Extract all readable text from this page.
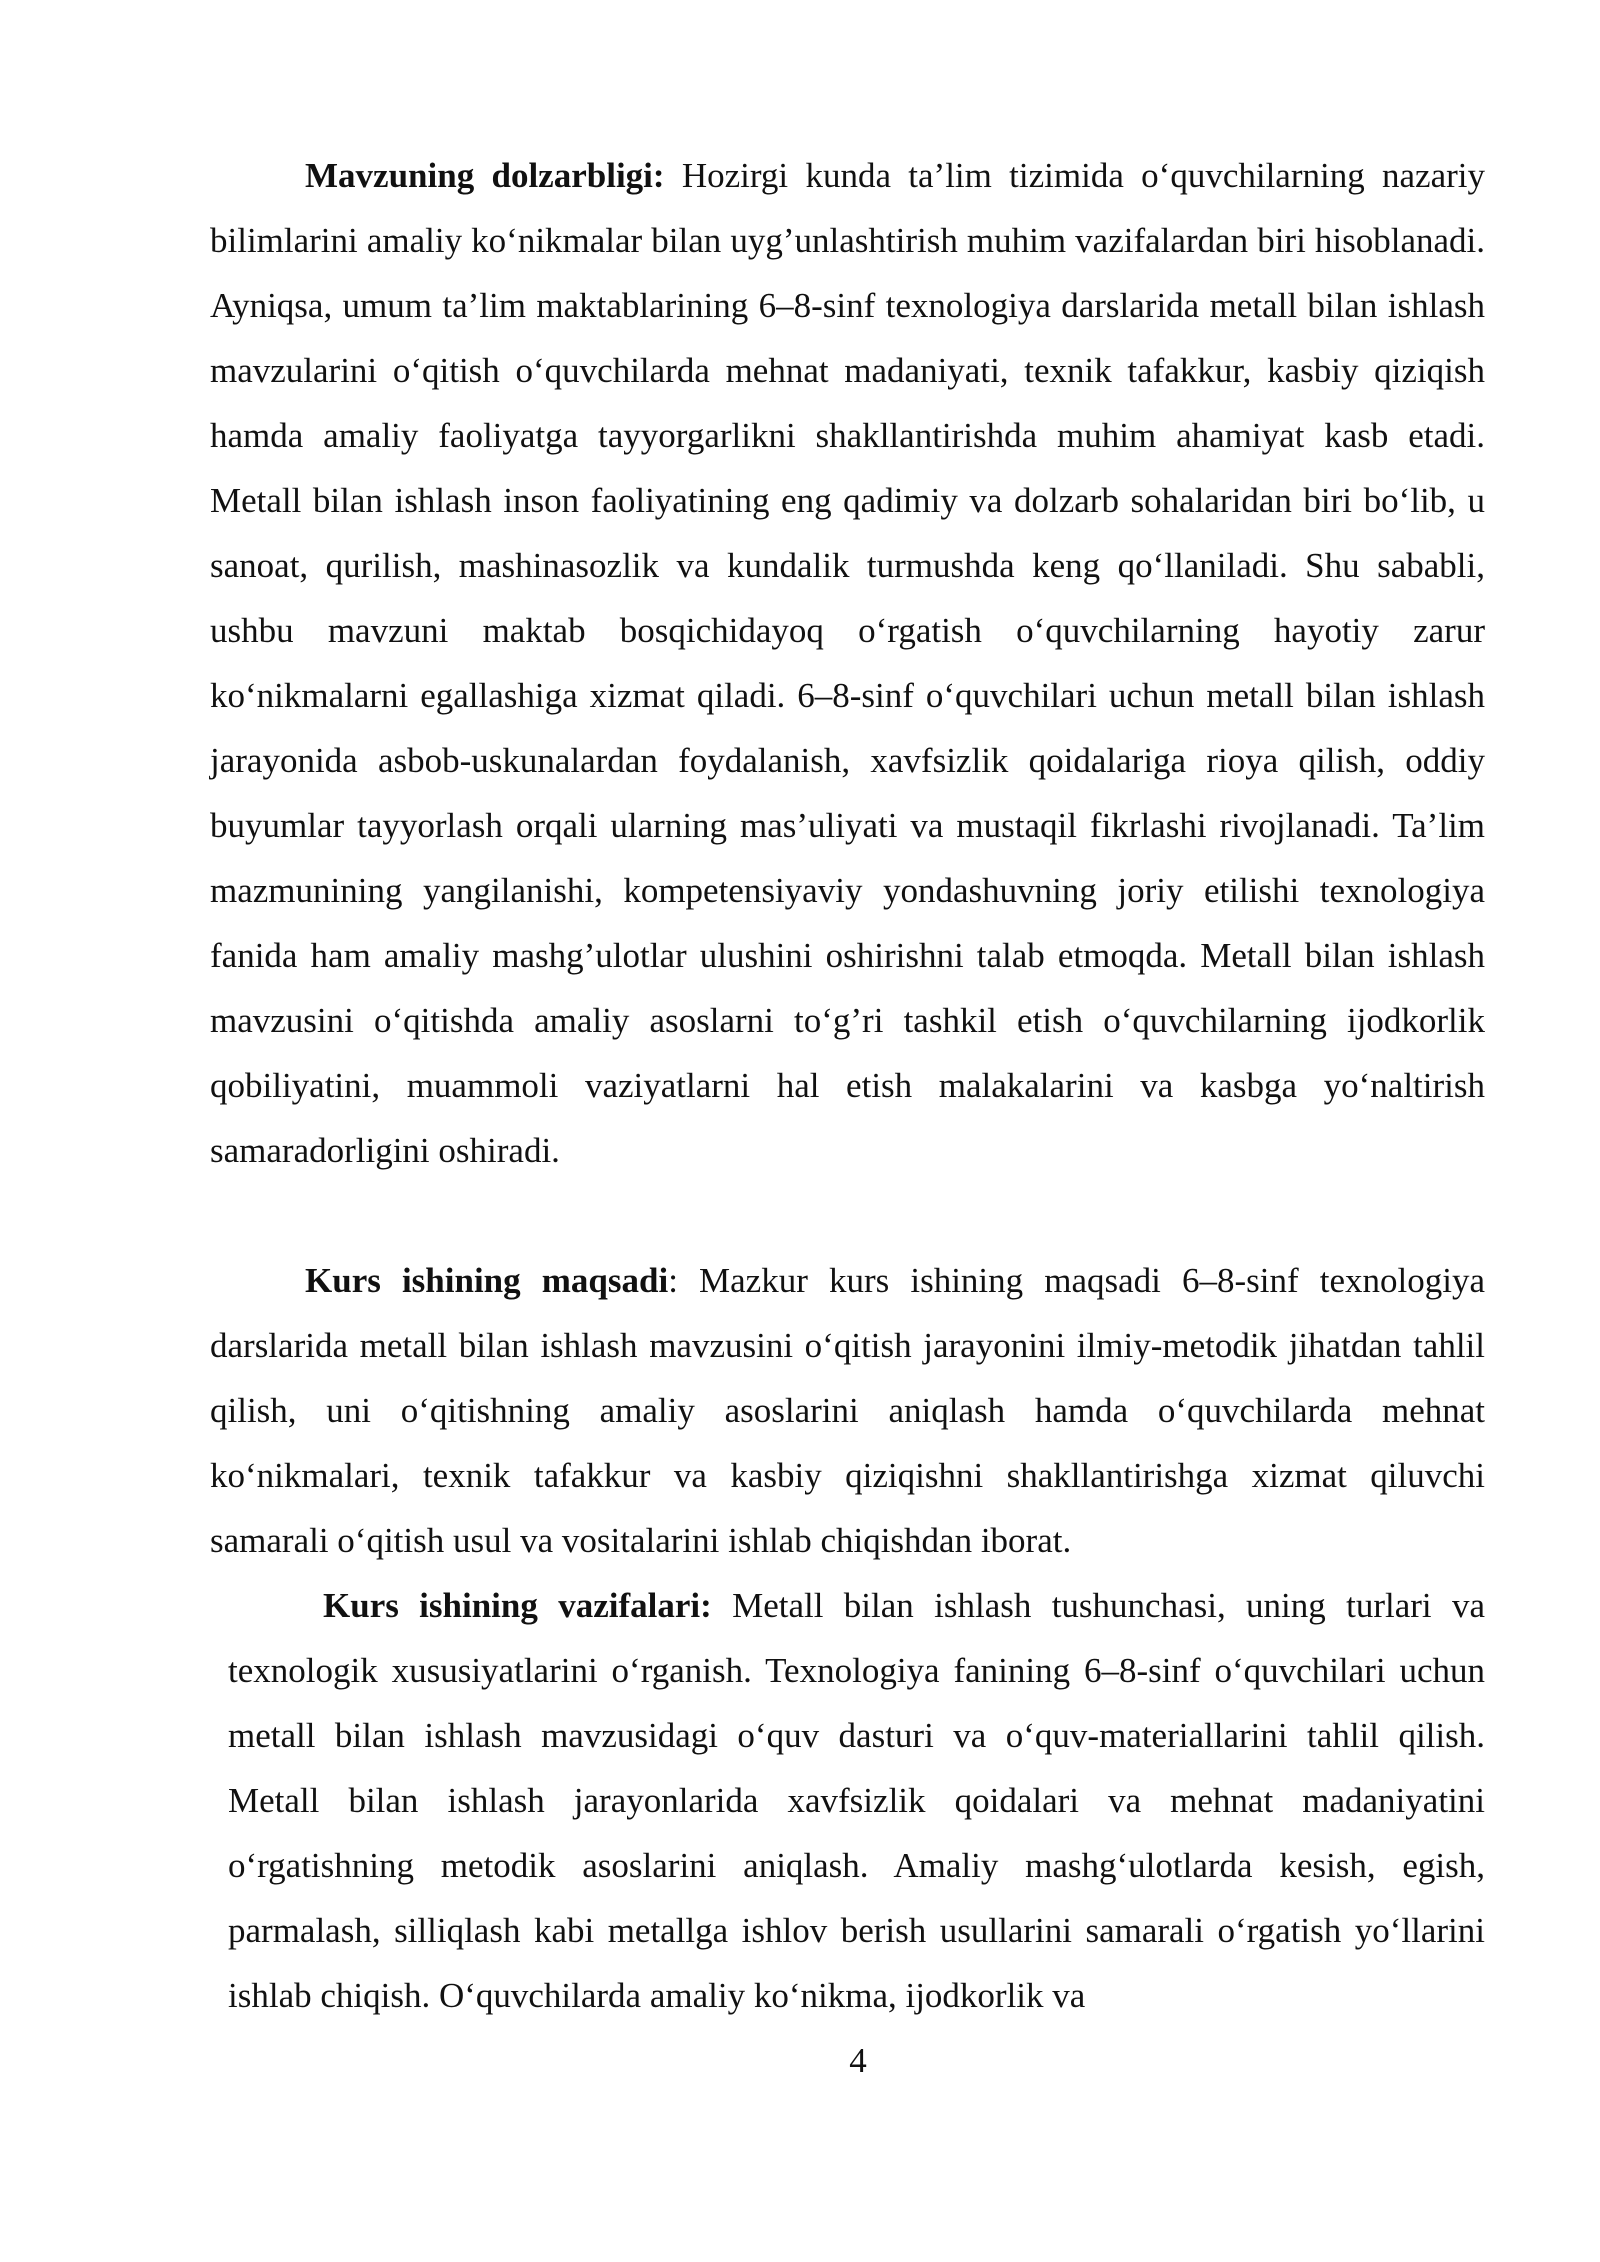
Mavzuning dolzarbligi: Hozirgi kunda ta’lim tizimida o‘quvchilarning nazariy bilimlarini amaliy ko‘nikmalar bilan uyg’unlashtirish muhim vazifalardan biri hisoblanadi. Ayniqsa, umum ta’lim maktablarining 6–8-sinf texnologiya darslarida metall bilan ishlash mavzularini o‘qitish o‘quvchilarda mehnat madaniyati, texnik tafakkur, kasbiy qiziqish hamda amaliy faoliyatga tayyorgarlikni shakllantirishda muhim ahamiyat kasb etadi. Metall bilan ishlash inson faoliyatining eng qadimiy va dolzarb sohalaridan biri bo‘lib, u sanoat, qurilish, mashinasozlik va kundalik turmushda keng qo‘llaniladi. Shu sababli, ushbu mavzuni maktab bosqichidayoq o‘rgatish o‘quvchilarning hayotiy zarur ko‘nikmalarni egallashiga xizmat qiladi. 6–8-sinf o‘quvchilari uchun metall bilan ishlash jarayonida asbob-uskunalardan foydalanish, xavfsizlik qoidalariga rioya qilish, oddiy buyumlar tayyorlash orqali ularning mas’uliyati va mustaqil fikrlashi rivojlanadi. Ta’lim mazmunining yangilanishi, kompetensiyaviy yondashuvning joriy etilishi texnologiya fanida ham amaliy mashg’ulotlar ulushini oshirishni talab etmoqda. Metall bilan ishlash mavzusini o‘qitishda amaliy asoslarni to‘g’ri tashkil etish o‘quvchilarning ijodkorlik qobiliyatini, muammoli vaziyatlarni hal etish malakalarini va kasbga yo‘naltirish samaradorligini oshiradi.

Kurs ishining maqsadi: Mazkur kurs ishining maqsadi 6–8-sinf texnologiya darslarida metall bilan ishlash mavzusini o‘qitish jarayonini ilmiy-metodik jihatdan tahlil qilish, uni o‘qitishning amaliy asoslarini aniqlash hamda o‘quvchilarda mehnat ko‘nikmalari, texnik tafakkur va kasbiy qiziqishni shakllantirishga xizmat qiluvchi samarali o‘qitish usul va vositalarini ishlab chiqishdan iborat.

Kurs ishining vazifalari: Metall bilan ishlash tushunchasi, uning turlari va texnologik xususiyatlarini o‘rganish. Texnologiya fanining 6–8-sinf o‘quvchilari uchun metall bilan ishlash mavzusidagi o‘quv dasturi va o‘quv-materiallarini tahlil qilish. Metall bilan ishlash jarayonlarida xavfsizlik qoidalari va mehnat madaniyatini o‘rgatishning metodik asoslarini aniqlash. Amaliy mashg‘ulotlarda kesish, egish, parmalash, silliqlash kabi metallga ishlov berish usullarini samarali o‘rgatish yo‘llarini ishlab chiqish. O‘quvchilarda amaliy ko‘nikma, ijodkorlik va

4
